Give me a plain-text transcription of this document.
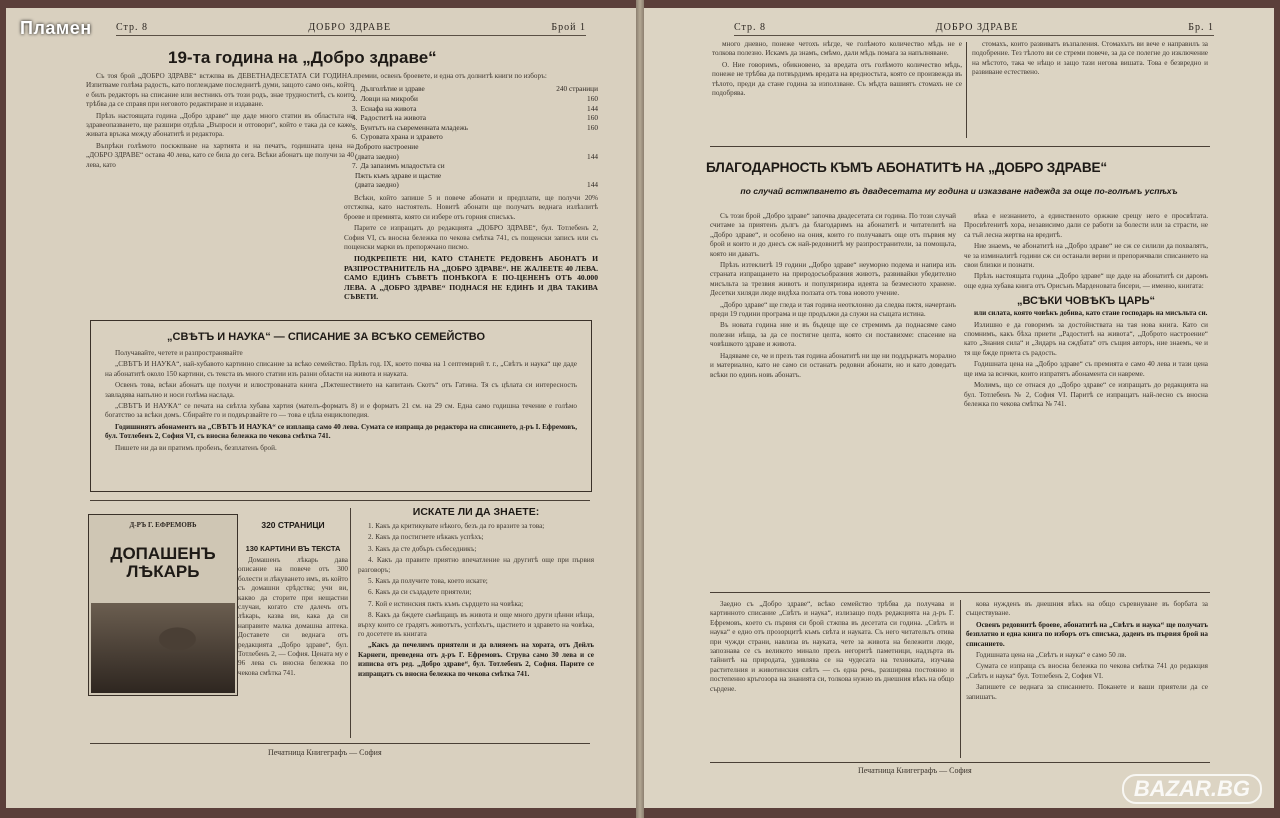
Пламен
BAZAR.BG
Стр. 8	ДОБРО ЗДРАВЕ	Брой 1
19-та година на „Добро здраве“

Съ тоя брой „ДОБРО ЗДРАВЕ“ встжпва въ ДЕВЕТНАДЕСЕТАТА СИ ГОДИНА. Изпитваме голѣма радость, като поглеждаме последнитѣ думи, защото само онъ, който е билъ редакторъ на списание или вестникъ отъ този родъ, знае трудноститѣ, съ които трѣбва да се справя при неговото редактиране и издаване.

Прѣзъ настоящата година „Добро здраве“ ще даде много статии въ областьта на здравеопазването, ще разшири отдѣла „Въпроси и отговори“, който е така да се каже, живата връзка между абонатитѣ и редактора.

Въпрѣки голѣмото поскжпване на хартията и на печатъ, годишната цена на „ДОБРО ЗДРАВЕ“ остава 40 лева, като се била до сега. Всѣки абонатъ ще получи за 40 лева, като

премии, освенъ броевете, и една отъ долнитѣ книги по изборъ:

1. Дълголѣтие и здраве	240 страници
2. Ловци на микроби	160
3. Еснафа на живота	144
4. Радоститѣ на живота	160
5. Бунтътъ на съвременната младежь	160
6. Суровата храна и здравето
Доброто настроение
(двата заедно)	144
7. Да запазимъ младостьта си
Пжть къмъ здраве и щастие
(двата заедно)	144

Всѣки, който запише 5 и повече абонати и предплати, ще получи 20% отстжпка, като настоятелъ. Новитѣ абонати ще получатъ веднага излѣзлитѣ броеве и премията, която си избере отъ горния списъкъ.

Парите се изпращатъ до редакцията „ДОБРО ЗДРАВЕ“, бул. Тотлебенъ 2, София VI, съ вносна бележка по чекова смѣтка 741, съ пощенски записъ или съ пощенски марки въ препоржчано писмо.

ПОДКРЕПЕТЕ НИ, КАТО СТАНЕТЕ РЕДОВЕНЪ АБОНАТЪ И РАЗПРОСТРАНИТЕЛЬ НА „ДОБРО ЗДРАВЕ“. НЕ ЖАЛЕЕТЕ 40 ЛЕВА. САМО ЕДИНЪ СЪВЕТЪ ПОНѢКОГА Е ПО-ЦЕНЕНЪ ОТЪ 40.000 ЛЕВА. А „ДОБРО ЗДРАВЕ“ ПОДНАСЯ НЕ ЕДИНЪ И ДВА ТАКИВА СЪВЕТИ.

„СВѢТЪ И НАУКА“ — СПИСАНИЕ ЗА ВСѢКО СЕМЕЙСТВО

Получавайте, четете и разпространявайте

„СВѢТЪ И НАУКА“, най-хубавото картинно списание за всѣко семейство. Прѣзъ год. IX, което почва на 1 септемврий т. г., „Свѣтъ и наука“ ще даде на абонатитѣ около 150 картини, съ текста въ много статии изъ разни области на живота и науката.

Освенъ това, всѣки абонатъ ще получи и илюстрованата книга „Пжтешествието на капитанъ Скотъ“ отъ Гатина. Тя съ цѣлата си интересность завладява напълно и носи голѣма наслада.

„СВѢТЪ И НАУКА“ се печата на свѣтла хубава хартия (мателъ-форматъ 8) и е форматъ 21 см. на 29 см. Една само годишна течение е голѣмо богатство за всѣки домъ. Сбирайте го и подвързвайте го — това е цѣла енциклопедия.

Годишниятъ абонаментъ на „СВѢТЪ И НАУКА“ се изплаща само 40 лева. Сумата се изпраща до редактора на списанието, д-ръ І. Ефремовъ, бул. Тотлебенъ 2, София VI, съ вносна бележка по чекова смѣтка 741.

Пишете ни да ви пратимъ пробенъ, безплатенъ брой.

Д-РЪ Г. ЕФРЕМОВЪ
ДОПАШЕНЪ
ЛѢКАРЬ
320 СТРАНИЦИ
130 КАРТИНИ ВЪ ТЕКСТА

Домашенъ лѣкарь дава описание на повече отъ 300 болести и лѣкуването имъ, въ който съ домашни срѣдства; учи ви, какво да сторите при нещастни случаи, когато сте далечъ отъ лѣкарь, казва ви, кака да си направите малка домашна аптека. Доставете си веднага отъ редакцията „Добро здраве“, бул. Тотлебенъ 2, — София. Цената му е 96 лева съ вносна бележка по чекова смѣтка 741.

ИСКАТЕ ЛИ ДА ЗНАЕТЕ:

1. Какъ да критикувате нѣкого, безъ да го вразите за това;

2. Какъ да постигнете нѣкакъ успѣхъ;

3. Какъ да сте добъръ събеседникъ;

4. Какъ да правите приятно впечатление на другитѣ още при първия разговоръ;

5. Какъ да получите това, което искате;

6. Какъ да си създадете приятели;

7. Кой е истинския пжть къмъ сърдцето на човѣка;

8. Какъ да бждете сьмѣщащъ въ живота и още много други цѣнни нѣща, върху които се градятъ животътъ, успѣхътъ, щастието и здравето на човѣка, го досетете въ книгата

„Какъ да печелимъ приятели и да влияемъ на хората, отъ Дейлъ Карнеги, преведена отъ д-ръ Г. Ефремовъ. Струва само 30 лева и се изписва отъ ред. „Добро здраве“, бул. Тотлебенъ 2, София. Парите се изпращатъ съ вносна бележка по чекова смѣтка 741.

Печатница Книгеграфъ — София
Стр. 8	ДОБРО ЗДРАВЕ	Бр. 1

много дневно, понеже четохъ нѣгде, че голѣмото количество мѣдь не е толкова полезно. Искамъ да знамъ, смѣмо, дали мѣдь помага за напълняване.

О. Ние говоримъ, обикновено, за вредата отъ голѣмото количество мѣдь, понеже не трѣбва да потвърдимъ вредата на вредностьта, която се произвежда въ тѣлото, преди да стане година за използване. Съ мѣдта вашиятъ стомахъ не се подобрява.

стомахъ, които развиватъ възпаления. Стомахътъ ви вече е направилъ за подобрение. Тез тѣлото ви се стреми повече, за да се полегне до изключение на мѣстото, така че нѣщо и защо тази негова вишата. Това е безвредно и развиване естествено.

БЛАГОДАРНОСТЬ КЪМЪ АБОНАТИТѢ НА „ДОБРО ЗДРАВЕ“
по случай встжпването въ двадесетата му година и изказване надежда за още по-голѣмъ успѣхъ

Съ този брой „Добро здраве“ започва двадесетата си година. По този случай считаме за приятенъ дългъ да благодаримъ на абонатитѣ и читателитѣ на „Добро здраве“, и особено на ония, които го получаватъ още отъ първия му брой и които и до днесъ сж най-редовнитѣ му разпространители, за помощьта, която ни даватъ.

Прѣзъ изтеклитѣ 19 години „Добро здраве“ неуморно подема и напира изъ страната изпращането на природосъобразния животъ, развивайки убедително мисъльта за трезвия животъ и популяризира идеята за безмесното хранене. Десетки хиляди люде видѣха ползата отъ това новото учение.

„Добро здраве“ ще гледа и тая година неотклонно да следва пжтя, начертанъ преди 19 години програма и ще продължи да служи на същата истина.

Въ новата година ние и въ бъдеще ще се стремимъ да поднасяме само полезни нѣща, за да се постигне целта, която си поставихме: спасение на човѣшкото здраве и живота.

Надяваме се, че и презъ тая година абонатитѣ ни ще ни поддържатъ морално и материално, като не само си останатъ редовни абонати, но и като доведатъ всѣки по единъ новъ абонатъ.

вѣка е незнанието, а единственото оржжие срещу него е просвѣтата. Просвѣтенитѣ хора, независимо дали се работи за болести или за страсти, не са тъй лесна жертва на вредитѣ.

Ние знаемъ, че абонатитѣ на „Добро здраве“ не сж се силили да похвалятъ, че за изминалитѣ години сж си останали верни и препоржчвали списанието на свои близки и познати.

Прѣзъ настоящата година „Добро здраве“ ще даде на абонатитѣ си даромъ още една хубава книга отъ Орисънъ Марденовата бисери, — именно, книгата:

„ВСѢКИ ЧОВѢКЪ ЦАРЬ“

или силата, която човѣкъ добива, като стане господарь на мисъльта си.

Излишно е да говоримъ за достойнствата на тая нова книга. Като си спомнимъ, какъ бѣха приети „Радоститѣ на живота“, „Доброто настроение“ като „Знания сила“ и „Зидаръ на сждбата“ отъ същия авторъ, ние знаемъ, че и тя ще бжде приета съ радость.

Годишната цена на „Добро здраве“ съ премията е само 40 лева и тази цена ще има за всички, които изпратятъ абонамента си навреме.

Молимъ, що се отнася до „Добро здраве“ се изпращатъ до редакцията на бул. Тотлебенъ № 2, София VI. Паритѣ се изпращатъ най-лесно съ вносна бележка по чекова смѣтка № 741.

Заедно съ „Добро здраве“, всѣко семейство трѣбва да получава и картинното списание „Свѣтъ и наука“, излизащо подъ редакцията на д-ръ Г. Ефремовъ, което съ първия си брой стжпва въ десетата си година. „Свѣтъ и наука“ е едно отъ прозорцитѣ къмъ свѣта и науката. Съ него читательтъ отива при чужди страни, навлиза въ науката, чете за живота на бележити люде, запознава се съ великото минало презъ негоритѣ паметници, надзърта въ тайнитѣ на природата, удивлява се на чудесата на техниката, изучава растителния и животинския свѣтъ — съ една речь, разширява постоянно и постепенно кръгозора на знанията си, толкова нужно въ днешния вѣкъ на общо сърдене.

кова нужденъ въ днешния вѣкъ на общо съревнуване въ борбата за съществуване.

Освенъ редовнитѣ броеве, абонатитѣ на „Свѣтъ и наука“ ще получатъ безплатно и една книга по изборъ отъ списъка, даденъ въ първия брой на списанието.

Годишната цена на „Свѣтъ и наука“ е само 50 лв.

Сумата се изпраща съ вносна бележка по чекова смѣтка 741 до редакция „Свѣтъ и наука“ бул. Тотлебенъ 2, София VI.

Запишете се веднага за списанието. Поканете и ваши приятели да се запишатъ.

Печатница Книгеграфъ — София
